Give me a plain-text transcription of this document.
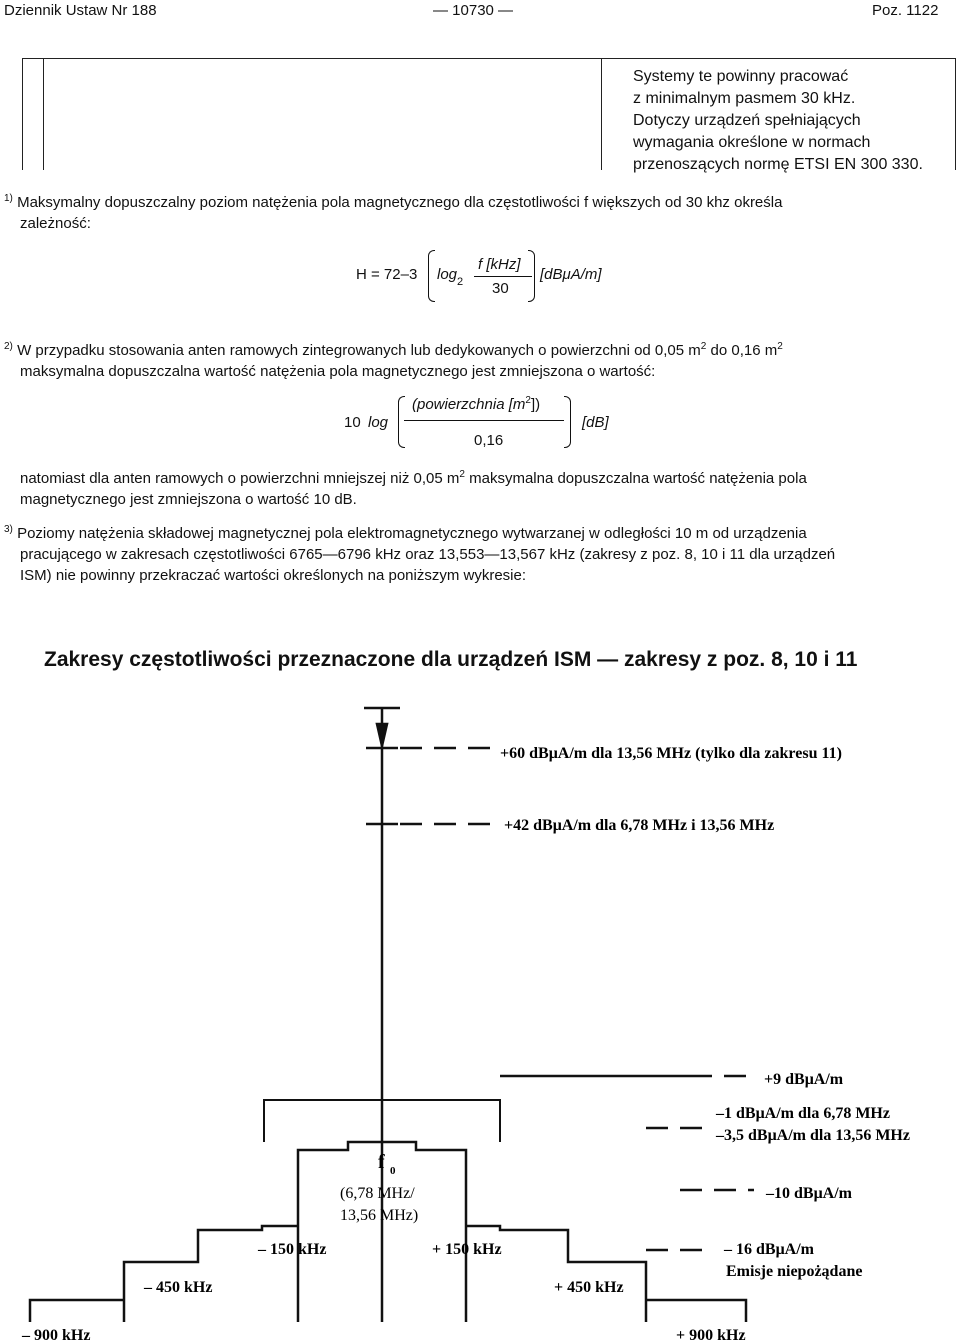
Dziennik Ustaw Nr 188	— 10730 —	Poz. 1122
Systemy te powinny pracować
z minimalnym pasmem 30 kHz.
Dotyczy urządzeń spełniających
wymagania określone w normach
przenoszących normę ETSI EN 300 330.
$^{1)}$ Maksymalny dopuszczalny poziom natężenia pola magnetycznego dla częstotliwości f większych od 30 khz określa
zależność:
H = 72–3 log 2
f [kHz]
30
[dBμA/m]
$^{2)}$ W przypadku stosowania anten ramowych zintegrowanych lub dedykowanych o powierzchni od 0,05 m$^2$ do 0,16 m$^2$
maksymalna dopuszczalna wartość natężenia pola magnetycznego jest zmniejszona o wartość:
10 log
(powierzchnia [m$^2$])
0,16
[dB]
natomiast dla anten ramowych o powierzchni mniejszej niż 0,05 m$^2$ maksymalna dopuszczalna wartość natężenia pola
magnetycznego jest zmniejszona o wartość 10 dB.
$^{3)}$ Poziomy natężenia składowej magnetycznej pola elektromagnetycznego wytwarzanej w odległości 10 m od urządzenia
pracującego w zakresach częstotliwości 6765—6796 kHz oraz 13,553—13,567 kHz (zakresy z poz. 8, 10 i 11 dla urządzeń
ISM) nie powinny przekraczać wartości określonych na poniższym wykresie:
Zakresy częstotliwości przeznaczone dla urządzeń ISM — zakresy z poz. 8, 10 i 11
+60 dBμA/m dla 13,56 MHz (tylko dla zakresu 11)
+42 dBμA/m dla 6,78 MHz i 13,56 MHz
+9 dBμA/m
–1 dBμA/m dla 6,78 MHz
–3,5 dBμA/m dla 13,56 MHz
–10 dBμA/m
– 16 dBμA/m
Emisje niepożądane
f 0
(6,78 MHz/
13,56 MHz)
– 150 kHz	+ 150 kHz
– 450 kHz	+ 450 kHz
– 900 kHz	+ 900 kHz
